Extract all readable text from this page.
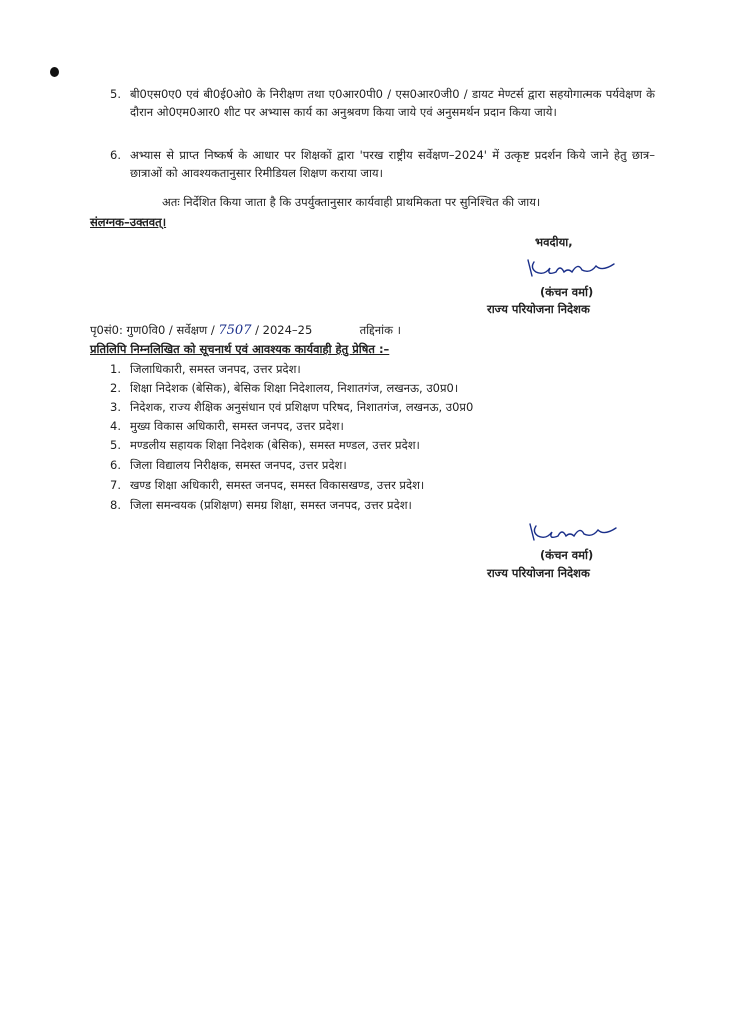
5. बी0एस0ए0 एवं बी0ई0ओ0 के निरीक्षण तथा ए0आर0पी0 / एस0आर0जी0 / डायट मेण्टर्स द्वारा सहयोगात्मक पर्यवेक्षण के दौरान ओ0एम0आर0 शीट पर अभ्यास कार्य का अनुश्रवण किया जाये एवं अनुसमर्थन प्रदान किया जाये।
6. अभ्यास से प्राप्त निष्कर्ष के आधार पर शिक्षकों द्वारा 'परख राष्ट्रीय सर्वेक्षण–2024' में उत्कृष्ट प्रदर्शन किये जाने हेतु छात्र–छात्राओं को आवश्यकतानुसार रिमीडियल शिक्षण कराया जाय।
अतः निर्देशित किया जाता है कि उपर्युक्तानुसार कार्यवाही प्राथमिकता पर सुनिश्चित की जाय।
संलग्नक–उक्तवत्।
भवदीया,
(कंचन वर्मा)
राज्य परियोजना निदेशक
पृ0सं0: गुण0वि0 / सर्वेक्षण / 7507 / 2024–25	तद्दिनांक ।
प्रतिलिपि निम्नलिखित को सूचनार्थ एवं आवश्यक कार्यवाही हेतु प्रेषित :–
1. जिलाधिकारी, समस्त जनपद, उत्तर प्रदेश।
2. शिक्षा निदेशक (बेसिक), बेसिक शिक्षा निदेशालय, निशातगंज, लखनऊ, उ0प्र0।
3. निदेशक, राज्य शैक्षिक अनुसंधान एवं प्रशिक्षण परिषद, निशातगंज, लखनऊ, उ0प्र0
4. मुख्य विकास अधिकारी, समस्त जनपद, उत्तर प्रदेश।
5. मण्डलीय सहायक शिक्षा निदेशक (बेसिक), समस्त मण्डल, उत्तर प्रदेश।
6. जिला विद्यालय निरीक्षक, समस्त जनपद, उत्तर प्रदेश।
7. खण्ड शिक्षा अधिकारी, समस्त जनपद, समस्त विकासखण्ड, उत्तर प्रदेश।
8. जिला समन्वयक (प्रशिक्षण) समग्र शिक्षा, समस्त जनपद, उत्तर प्रदेश।
(कंचन वर्मा)
राज्य परियोजना निदेशक
